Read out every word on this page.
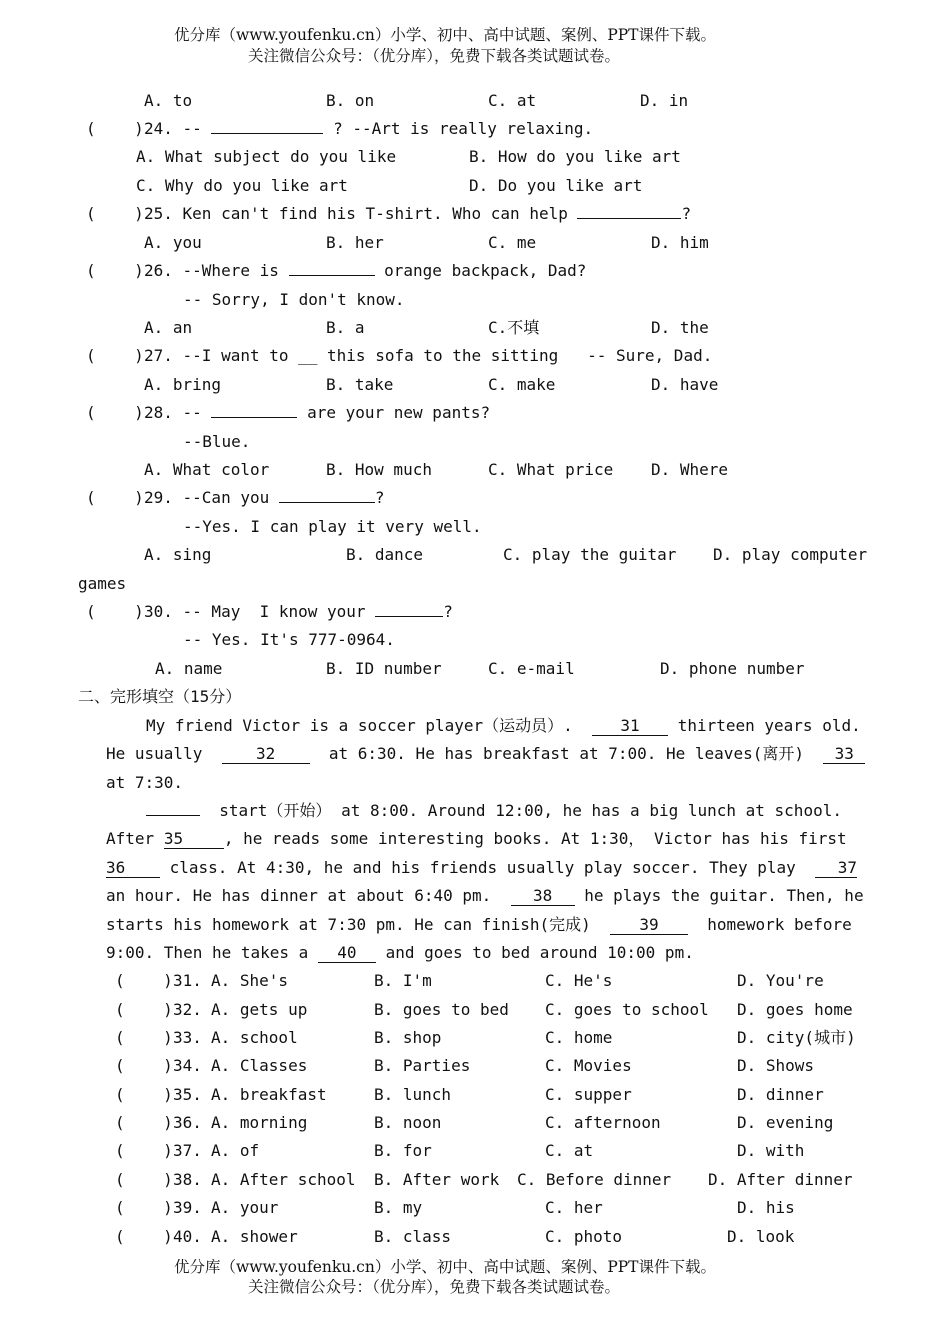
优分库（www.youfenku.cn）小学、初中、高中试题、案例、PPT课件下载。
关注微信公众号：（优分库），免费下载各类试题试卷。
A. to	B. on	C. at	D. in
(    ) 24. --	? --Art is really relaxing.
A. What subject do you like	B. How do you like art
C. Why do you like art	D. Do you like art
(    ) 25. Ken can't find his T-shirt. Who can help	?
A. you	B. her	C. me	D. him
(    ) 26. --Where is	orange backpack, Dad?
-- Sorry, I don't know.
A. an	B. a	C.不填	D. the
(    ) 27. --I want to __ this sofa to the sitting   -- Sure, Dad.
A. bring	B. take	C. make	D. have
(    ) 28. --	are your new pants?
--Blue.
A. What color	B. How much	C. What price D. Where
(    ) 29. --Can you	?
--Yes. I can play it very well.
A. sing	B. dance	C. play the guitar D. play computer
games
(    ) 30. -- May  I know your	?
-- Yes. It's 777-0964.
A. name	B. ID number	C. e-mail	D. phone number
二、完形填空（15分）
My friend Victor is a soccer player（运动员）.	31 thirteen years old.
He usually	32	at 6:30. He has breakfast at 7:00. He leaves(离开) 33
at 7:30.
start（开始） at 8:00. Around 12:00, he has a big lunch at school.
After 35	, he reads some interesting books. At 1:30， Victor has his first
36	class. At 4:30, he and his friends usually play soccer. They play	37
an hour. He has dinner at about 6:40 pm.	38 he plays the guitar. Then, he
starts his homework at 7:30 pm. He can finish(完成)	39	homework before
9:00. Then he takes a 40 and goes to bed around 10:00 pm.
(    ) 31. A. She's	B. I'm	C. He's	D. You're
(    ) 32. A. gets up	B. goes to bed C. goes to school D. goes home
(    ) 33. A. school	B. shop	C. home	D. city(城市)
(    ) 34. A. Classes	B. Parties	C. Movies	D. Shows
(    ) 35. A. breakfast	B. lunch	C. supper	D. dinner
(    ) 36. A. morning	B. noon	C. afternoon	D. evening
(    ) 37. A. of	B. for	C. at	D. with
(    ) 38. A. After school B. After work C. Before dinner D. After dinner
(    ) 39. A. your	B. my	C. her	D. his
(    ) 40. A. shower	B. class	C. photo	D. look
优分库（www.youfenku.cn）小学、初中、高中试题、案例、PPT课件下载。
关注微信公众号：（优分库），免费下载各类试题试卷。
